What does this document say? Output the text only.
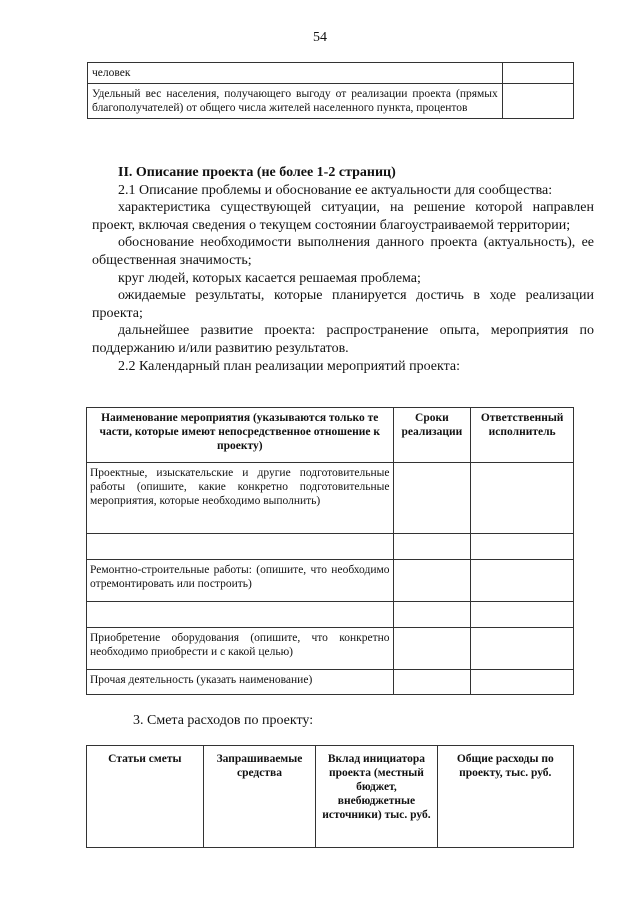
54
человек	
Удельный вес населения, получающего выгоду от реализации проекта (прямых благополучателей) от общего числа жителей населенного пункта, процентов	

II. Описание проекта (не более 1-2 страниц)

2.1 Описание проблемы и обоснование ее актуальности для сообщества:

характеристика существующей ситуации, на решение которой направлен проект, включая сведения о текущем состоянии благоустраиваемой территории;

обоснование необходимости выполнения данного проекта (актуальность), ее общественная значимость;

круг людей, которых касается решаемая проблема;

ожидаемые результаты, которые планируется достичь в ходе реализации проекта;

дальнейшее развитие проекта: распространение опыта, мероприятия по поддержанию и/или развитию результатов.

2.2 Календарный план реализации мероприятий проекта:

Наименование мероприятия (указываются только те части, которые имеют непосредственное отношение к проекту)	Сроки реализации	Ответственный исполнитель
Проектные, изыскательские и другие подготовительные работы (опишите, какие конкретно подготовительные мероприятия, которые необходимо выполнить)		

Ремонтно-строительные работы: (опишите, что необходимо отремонтировать или построить)		

Приобретение оборудования (опишите, что конкретно необходимо приобрести и с какой целью)		
Прочая деятельность (указать наименование)		
3. Смета расходов по проекту:
Статьи сметы	Запрашиваемые средства	Вклад инициатора проекта (местный бюджет, внебюджетные источники) тыс. руб.	Общие расходы по проекту, тыс. руб.
